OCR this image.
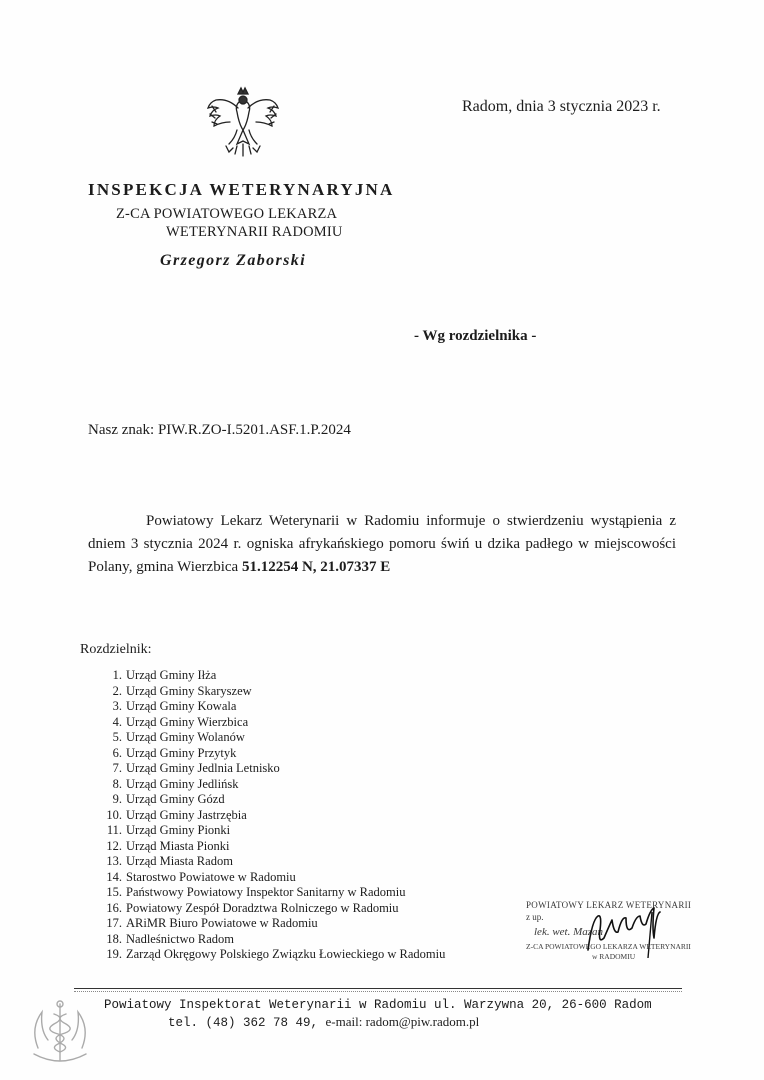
Radom, dnia 3 stycznia 2023 r.
INSPEKCJA WETERYNARYJNA
Z-CA POWIATOWEGO LEKARZA
WETERYNARII RADOMIU
Grzegorz Zaborski
- Wg rozdzielnika -
Nasz znak: PIW.R.ZO-I.5201.ASF.1.P.2024
Powiatowy Lekarz Weterynarii w Radomiu informuje o stwierdzeniu wystąpienia z dniem 3 stycznia 2024 r. ogniska afrykańskiego pomoru świń u dzika padłego w miejscowości Polany, gmina Wierzbica 51.12254 N, 21.07337 E
Rozdzielnik:
1. Urząd Gminy Iłża
2. Urząd Gminy Skaryszew
3. Urząd Gminy Kowala
4. Urząd Gminy Wierzbica
5. Urząd Gminy Wolanów
6. Urząd Gminy Przytyk
7. Urząd Gminy Jedlnia Letnisko
8. Urząd Gminy Jedlińsk
9. Urząd Gminy Gózd
10. Urząd Gminy Jastrzębia
11. Urząd Gminy Pionki
12. Urząd Miasta Pionki
13. Urząd Miasta Radom
14. Starostwo Powiatowe w Radomiu
15. Państwowy Powiatowy Inspektor Sanitarny w Radomiu
16. Powiatowy Zespół Doradztwa Rolniczego w Radomiu
17. ARiMR Biuro Powiatowe w Radomiu
18. Nadleśnictwo Radom
19. Zarząd Okręgowy Polskiego Związku Łowieckiego w Radomiu
POWIATOWY LEKARZ WETERYNARII
z up.
lek. wet. Mazan
Z-CA POWIATOWEGO LEKARZA WETERYNARII
w RADOMIU
Powiatowy Inspektorat Weterynarii w Radomiu ul. Warzywna 20, 26-600 Radom
tel. (48) 362 78 49, e-mail: radom@piw.radom.pl
